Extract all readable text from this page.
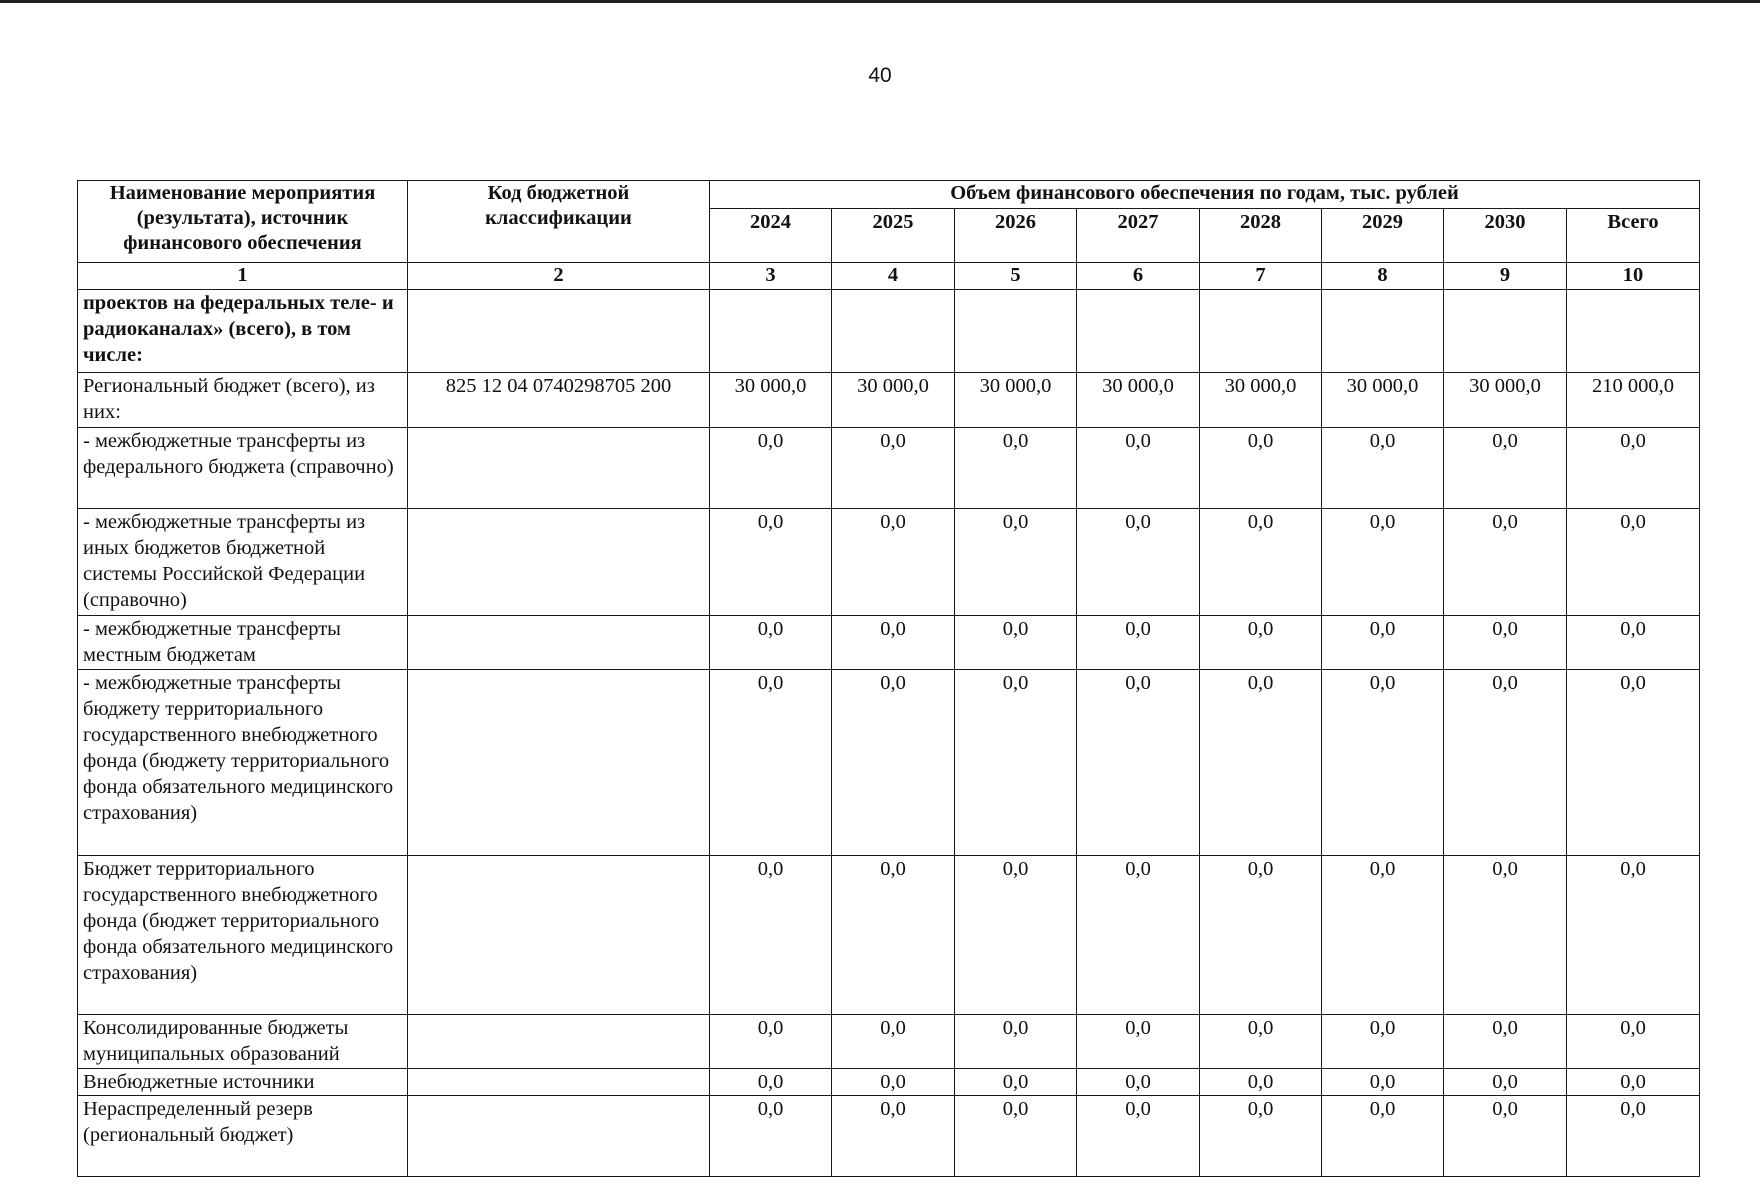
40
Наименование мероприятия (результата), источник финансового обеспечения	Код бюджетной классификации	Объем финансового обеспечения по годам, тыс. рублей							
		2024	2025	2026	2027	2028	2029	2030	Всего
1	2	3	4	5	6	7	8	9	10
проектов на федеральных теле- и радиоканалах» (всего), в том числе:									
Региональный бюджет (всего), из них:	825 12 04 0740298705 200	30 000,0	30 000,0	30 000,0	30 000,0	30 000,0	30 000,0	30 000,0	210 000,0
- межбюджетные трансферты из федерального бюджета (справочно)		0,0	0,0	0,0	0,0	0,0	0,0	0,0	0,0
- межбюджетные трансферты из иных бюджетов бюджетной системы Российской Федерации (справочно)		0,0	0,0	0,0	0,0	0,0	0,0	0,0	0,0
- межбюджетные трансферты местным бюджетам		0,0	0,0	0,0	0,0	0,0	0,0	0,0	0,0
- межбюджетные трансферты бюджету территориального государственного внебюджетного фонда (бюджету территориального фонда обязательного медицинского страхования)		0,0	0,0	0,0	0,0	0,0	0,0	0,0	0,0
Бюджет территориального государственного внебюджетного фонда (бюджет территориального фонда обязательного медицинского страхования)		0,0	0,0	0,0	0,0	0,0	0,0	0,0	0,0
Консолидированные бюджеты муниципальных образований		0,0	0,0	0,0	0,0	0,0	0,0	0,0	0,0
Внебюджетные источники		0,0	0,0	0,0	0,0	0,0	0,0	0,0	0,0
Нераспределенный резерв (региональный бюджет)		0,0	0,0	0,0	0,0	0,0	0,0	0,0	0,0
